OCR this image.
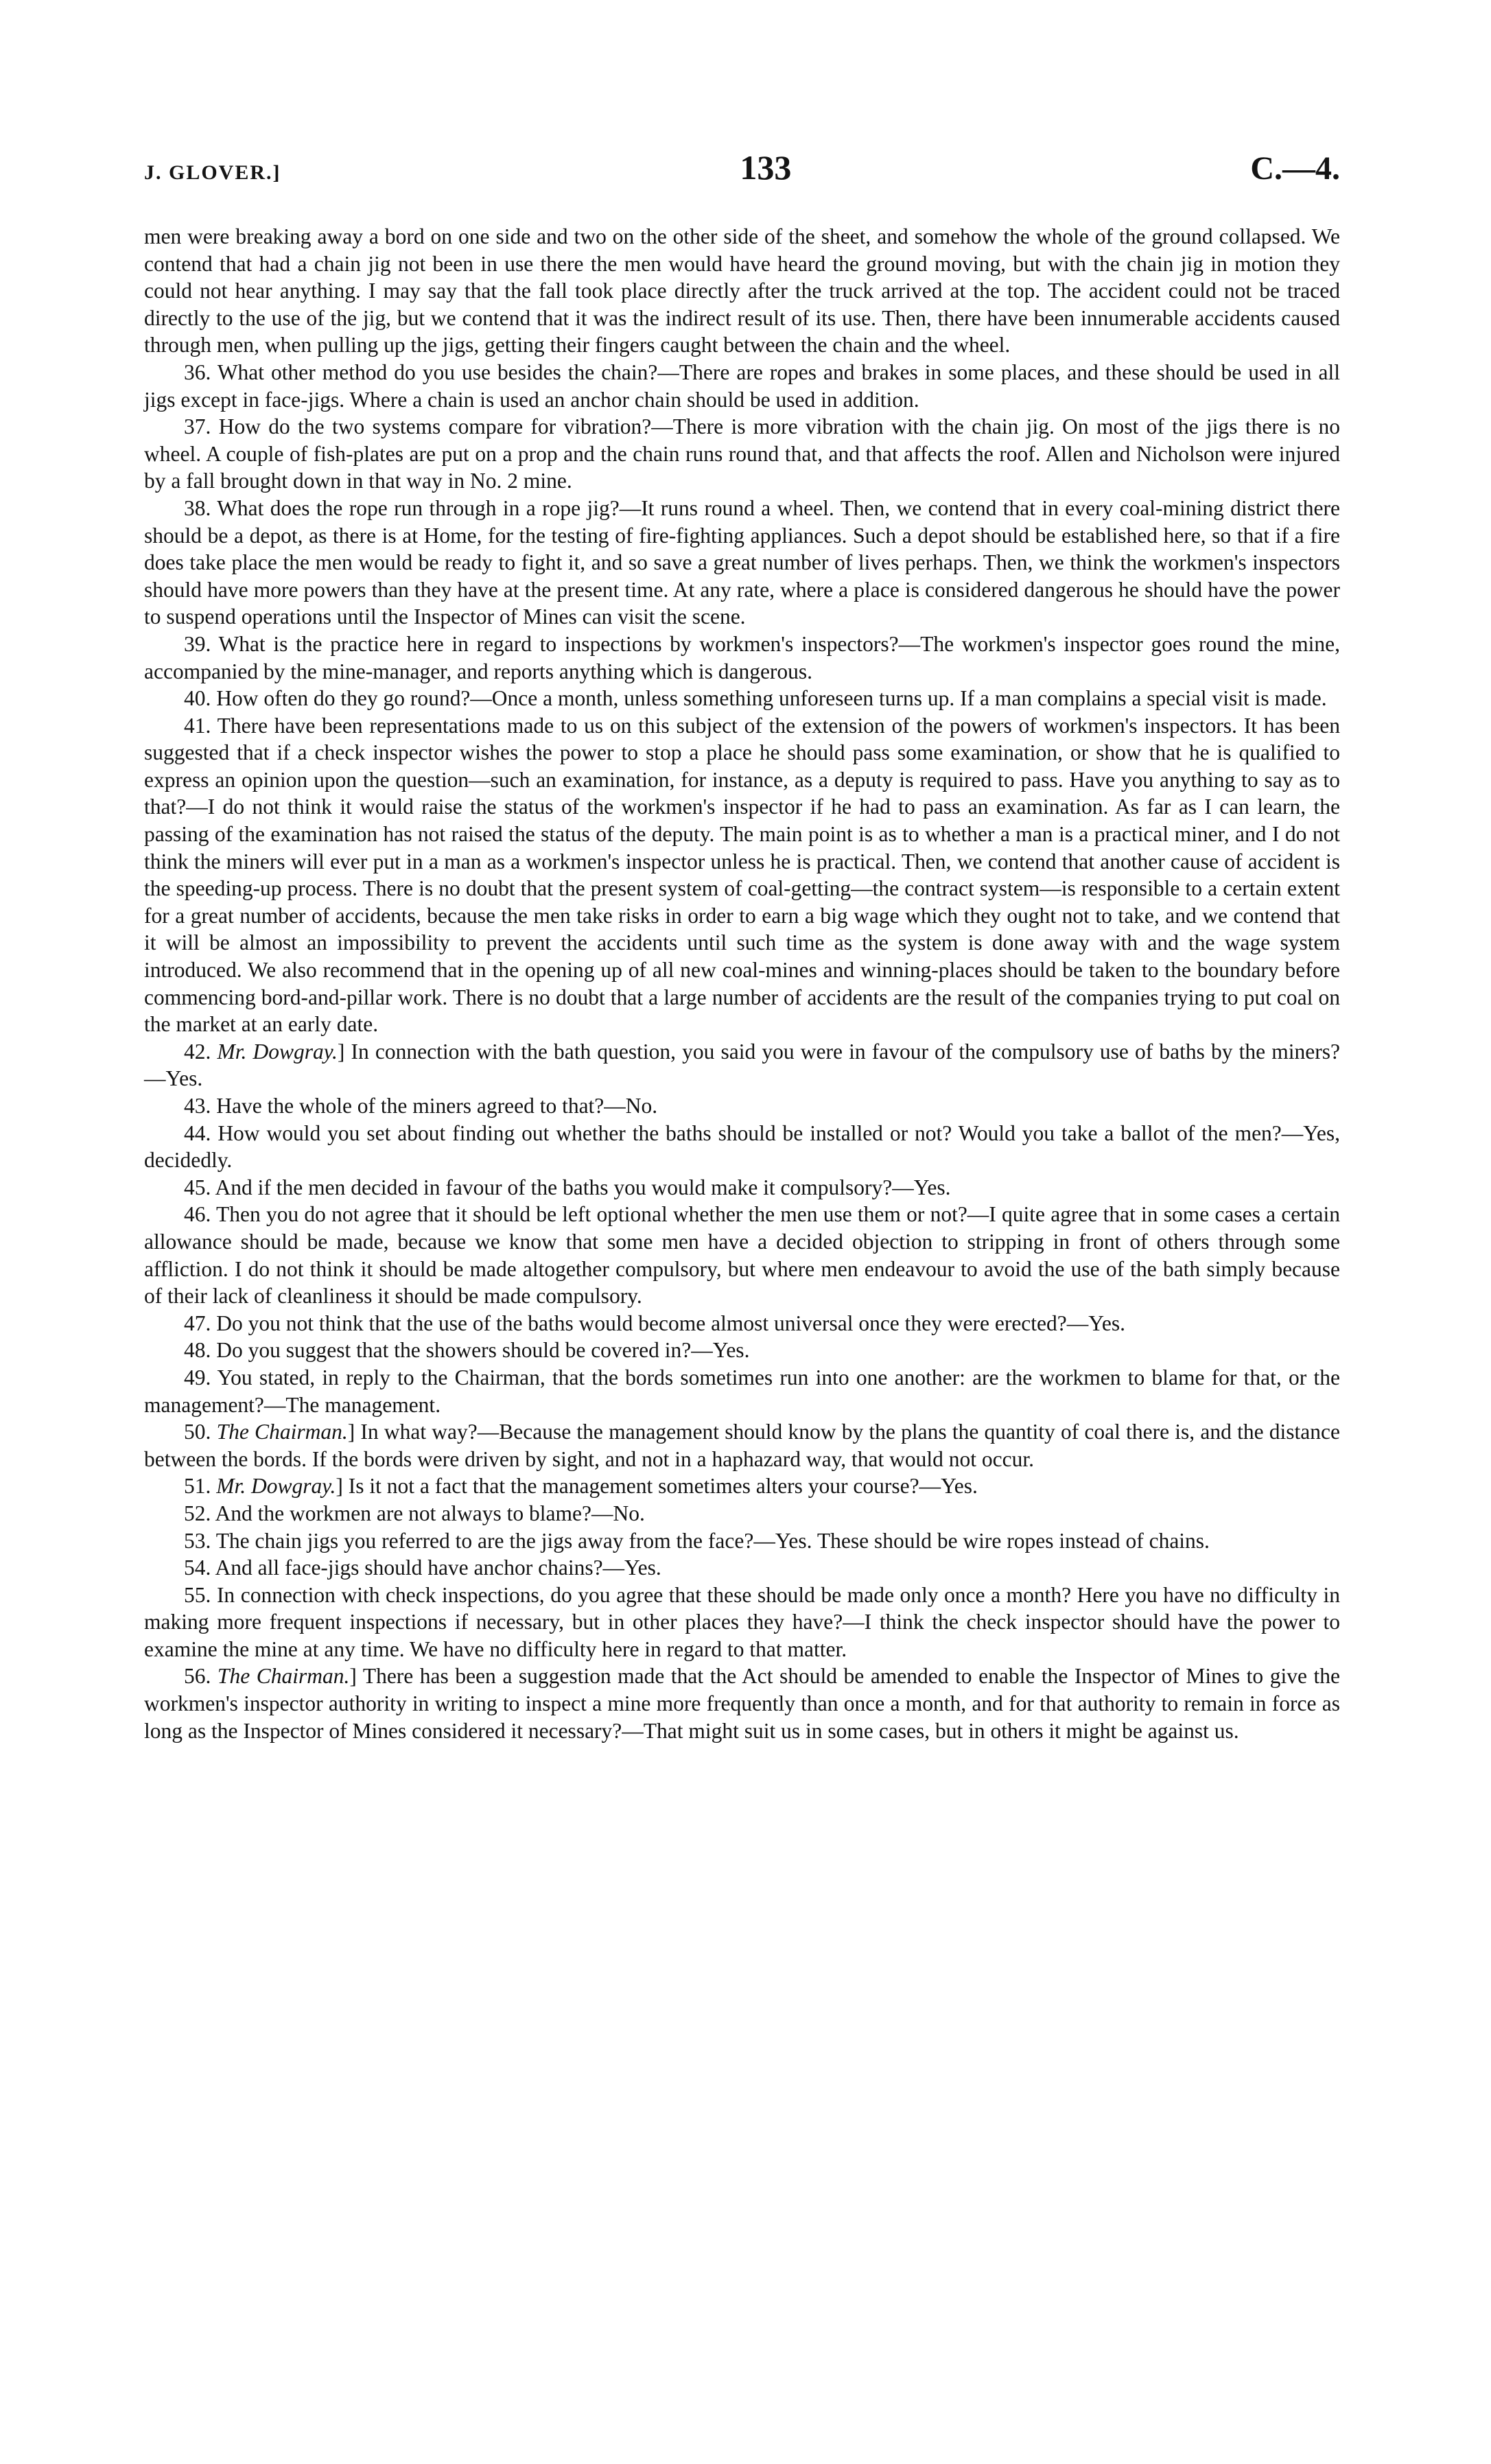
J. GLOVER.]	133	C.—4.

men were breaking away a bord on one side and two on the other side of the sheet, and somehow the whole of the ground collapsed. We contend that had a chain jig not been in use there the men would have heard the ground moving, but with the chain jig in motion they could not hear anything. I may say that the fall took place directly after the truck arrived at the top. The accident could not be traced directly to the use of the jig, but we contend that it was the indirect result of its use. Then, there have been innumerable accidents caused through men, when pulling up the jigs, getting their fingers caught between the chain and the wheel.

36. What other method do you use besides the chain?—There are ropes and brakes in some places, and these should be used in all jigs except in face-jigs. Where a chain is used an anchor chain should be used in addition.

37. How do the two systems compare for vibration?—There is more vibration with the chain jig. On most of the jigs there is no wheel. A couple of fish-plates are put on a prop and the chain runs round that, and that affects the roof. Allen and Nicholson were injured by a fall brought down in that way in No. 2 mine.

38. What does the rope run through in a rope jig?—It runs round a wheel. Then, we contend that in every coal-mining district there should be a depot, as there is at Home, for the testing of fire-fighting appliances. Such a depot should be established here, so that if a fire does take place the men would be ready to fight it, and so save a great number of lives perhaps. Then, we think the workmen's inspectors should have more powers than they have at the present time. At any rate, where a place is considered dangerous he should have the power to suspend operations until the Inspector of Mines can visit the scene.

39. What is the practice here in regard to inspections by workmen's inspectors?—The workmen's inspector goes round the mine, accompanied by the mine-manager, and reports anything which is dangerous.

40. How often do they go round?—Once a month, unless something unforeseen turns up. If a man complains a special visit is made.

41. There have been representations made to us on this subject of the extension of the powers of workmen's inspectors. It has been suggested that if a check inspector wishes the power to stop a place he should pass some examination, or show that he is qualified to express an opinion upon the question—such an examination, for instance, as a deputy is required to pass. Have you anything to say as to that?—I do not think it would raise the status of the workmen's inspector if he had to pass an examination. As far as I can learn, the passing of the examination has not raised the status of the deputy. The main point is as to whether a man is a practical miner, and I do not think the miners will ever put in a man as a workmen's inspector unless he is practical. Then, we contend that another cause of accident is the speeding-up process. There is no doubt that the present system of coal-getting—the contract system—is responsible to a certain extent for a great number of accidents, because the men take risks in order to earn a big wage which they ought not to take, and we contend that it will be almost an impossibility to prevent the accidents until such time as the system is done away with and the wage system introduced. We also recommend that in the opening up of all new coal-mines and winning-places should be taken to the boundary before commencing bord-and-pillar work. There is no doubt that a large number of accidents are the result of the companies trying to put coal on the market at an early date.

42. Mr. Dowgray.] In connection with the bath question, you said you were in favour of the compulsory use of baths by the miners?—Yes.

43. Have the whole of the miners agreed to that?—No.

44. How would you set about finding out whether the baths should be installed or not? Would you take a ballot of the men?—Yes, decidedly.

45. And if the men decided in favour of the baths you would make it compulsory?—Yes.

46. Then you do not agree that it should be left optional whether the men use them or not?—I quite agree that in some cases a certain allowance should be made, because we know that some men have a decided objection to stripping in front of others through some affliction. I do not think it should be made altogether compulsory, but where men endeavour to avoid the use of the bath simply because of their lack of cleanliness it should be made compulsory.

47. Do you not think that the use of the baths would become almost universal once they were erected?—Yes.

48. Do you suggest that the showers should be covered in?—Yes.

49. You stated, in reply to the Chairman, that the bords sometimes run into one another: are the workmen to blame for that, or the management?—The management.

50. The Chairman.] In what way?—Because the management should know by the plans the quantity of coal there is, and the distance between the bords. If the bords were driven by sight, and not in a haphazard way, that would not occur.

51. Mr. Dowgray.] Is it not a fact that the management sometimes alters your course?—Yes.

52. And the workmen are not always to blame?—No.

53. The chain jigs you referred to are the jigs away from the face?—Yes. These should be wire ropes instead of chains.

54. And all face-jigs should have anchor chains?—Yes.

55. In connection with check inspections, do you agree that these should be made only once a month? Here you have no difficulty in making more frequent inspections if necessary, but in other places they have?—I think the check inspector should have the power to examine the mine at any time. We have no difficulty here in regard to that matter.

56. The Chairman.] There has been a suggestion made that the Act should be amended to enable the Inspector of Mines to give the workmen's inspector authority in writing to inspect a mine more frequently than once a month, and for that authority to remain in force as long as the Inspector of Mines considered it necessary?—That might suit us in some cases, but in others it might be against us.
